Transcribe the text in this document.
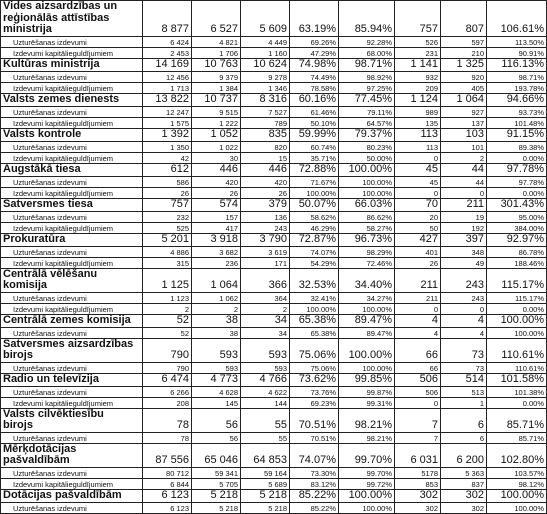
Vides aizsardzības un
reģionālās attīstības
ministrija	8 877	6 527	5 609	63.19%	85.94%	757	807	106.61%

Uzturēšanas izdevumi	6 424	4 821	4 449	69.26%	92.28%	526	597	113.50%

Izdevumi kapitālieguldījumiem	2 453	1 706	1 160	47.29%	68.00%	231	210	90.91%

Kultūras ministrija	14 169	10 763	10 624	74.98%	98.71%	1 141	1 325	116.13%

Uzturēšanas izdevumi	12 456	9 379	9 278	74.49%	98.92%	932	920	98.71%

Izdevumi kapitālieguldījumiem	1 713	1 384	1 346	78.58%	97.25%	209	405	193.78%

Valsts zemes dienests	13 822	10 737	8 316	60.16%	77.45%	1 124	1 064	94.66%

Uzturēšanas izdevumi	12 247	9 515	7 527	61.46%	79.11%	989	927	93.73%

Izdevumi kapitālieguldījumiem	1 575	1 222	789	50.10%	64.57%	135	137	101.48%

Valsts kontrole	1 392	1 052	835	59.99%	79.37%	113	103	91.15%

Uzturēšanas izdevumi	1 350	1 022	820	60.74%	80.23%	113	101	89.38%

Izdevumi kapitālieguldījumiem	42	30	15	35.71%	50.00%	0	2	0.00%

Augstākā tiesa	612	446	446	72.88%	100.00%	45	44	97.78%

Uzturēšanas izdevumi	586	420	420	71.67%	100.00%	45	44	97.78%

Izdevumi kapitālieguldījumiem	26	26	26	100.00%	100.00%	0	0	0.00%

Satversmes tiesa	757	574	379	50.07%	66.03%	70	211	301.43%

Uzturēšanas izdevumi	232	157	136	58.62%	86.62%	20	19	95.00%

Izdevumi kapitālieguldījumiem	525	417	243	46.29%	58.27%	50	192	384.00%

Prokuratūra	5 201	3 918	3 790	72.87%	96.73%	427	397	92.97%

Uzturēšanas izdevumi	4 886	3 682	3 619	74.07%	98.29%	401	348	86.78%

Izdevumi kapitālieguldījumiem	315	236	171	54.29%	72.46%	26	49	188.46%

Centrālā vēlēšanu
komisija	1 125	1 064	366	32.53%	34.40%	211	243	115.17%

Uzturēšanas izdevumi	1 123	1 062	364	32.41%	34.27%	211	243	115.17%

Izdevumi kapitālieguldījumiem	2	2	2	100.00%	100.00%	0	0	0.00%

Centrālā zemes komisija	52	38	34	65.38%	89.47%	4	4	100.00%

Uzturēšanas izdevumi	52	38	34	65.38%	89.47%	4	4	100.00%

Satversmes aizsardzības
birojs	790	593	593	75.06%	100.00%	66	73	110.61%

Uzturēšanas izdevumi	790	593	593	75.06%	100.00%	66	73	110.61%

Radio un televīzija	6 474	4 773	4 766	73.62%	99.85%	506	514	101.58%

Uzturēšanas izdevumi	6 266	4 628	4 622	73.76%	99.87%	506	513	101.38%

Izdevumi kapitālieguldījumiem	208	145	144	69.23%	99.31%	0	1	0.00%

Valsts cilvēktiesību
birojs	78	56	55	70.51%	98.21%	7	6	85.71%

Uzturēšanas izdevumi	78	56	55	70.51%	98.21%	7	6	85.71%

Mērķdotācijas
pašvaldībām	87 556	65 046	64 853	74.07%	99.70%	6 031	6 200	102.80%

Uzturēšanas izdevumi	80 712	59 341	59 164	73.30%	99.70%	5178	5 363	103.57%

Izdevumi kapitālieguldījumiem	6 844	5 705	5 689	83.12%	99.72%	853	837	98.12%

Dotācijas pašvaldībām	6 123	5 218	5 218	85.22%	100.00%	302	302	100.00%

Uzturēšanas izdevumi	6 123	5 218	5 218	85.22%	100.00%	302	302	100.00%
